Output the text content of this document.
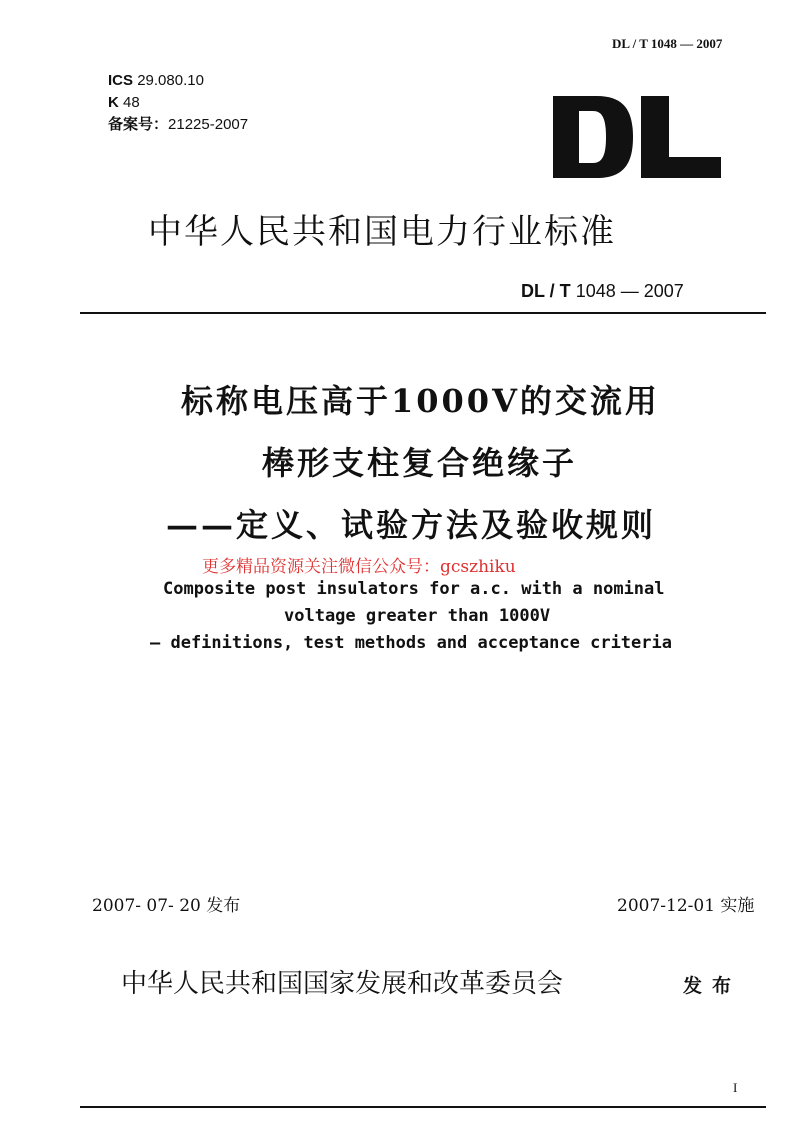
DL / T 1048 — 2007
ICS 29.080.10
K 48
备案号：21225-2007
中华人民共和国电力行业标准
DL / T 1048 — 2007
标称电压高于1000V的交流用
棒形支柱复合绝缘子
——定义、试验方法及验收规则
更多精品资源关注微信公众号：gcszhiku
Composite post insulators for a.c. with a nominal
voltage greater than 1000V
— definitions, test methods and acceptance criteria
2007- 07- 20 发布	2007-12-01 实施
中华人民共和国国家发展和改革委员会	发布
I
